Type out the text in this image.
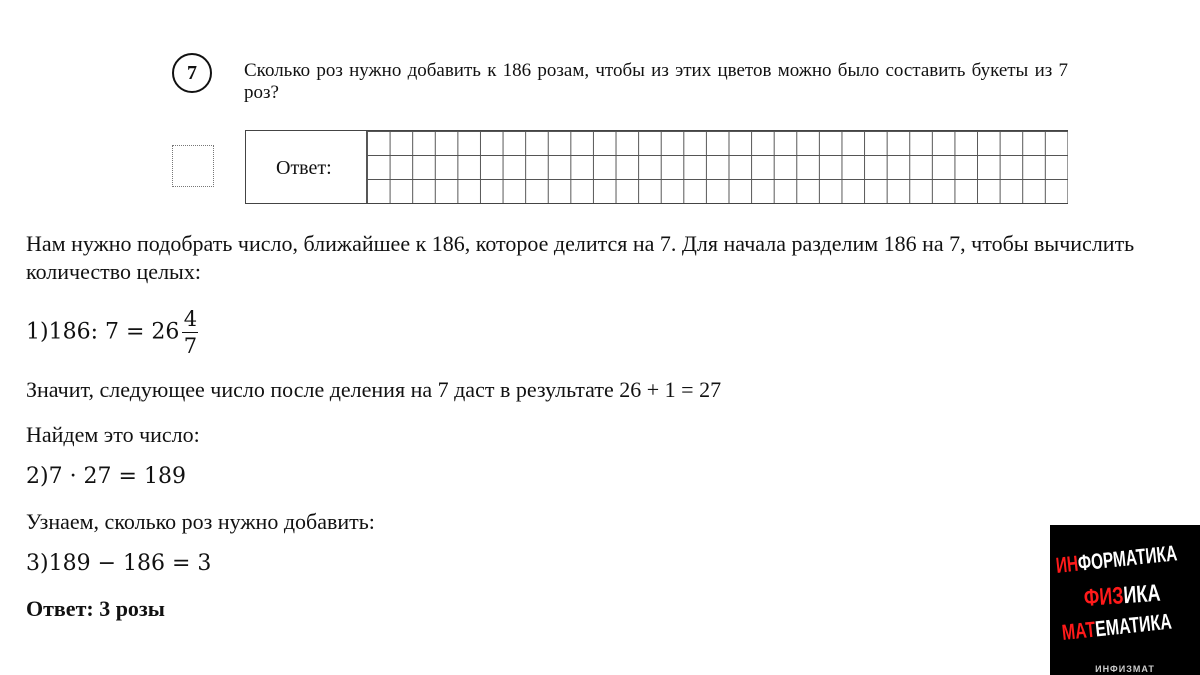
7 Сколько роз нужно добавить к 186 розам, чтобы из этих цветов можно было составить букеты из 7 роз?
Ответ:
Нам нужно подобрать число, ближайшее к 186, которое делится на 7. Для начала разделим 186 на 7, чтобы вычислить количество целых:
1)186: $7 = 26 \frac{4}{7}$
Значит, следующее число после деления на 7 даст в результате 26 + 1 = 27
Найдем это число:
2)7 · 27 = 189
Узнаем, сколько роз нужно добавить:
3)189 − 186 = 3
Ответ: 3 розы
ИНФОРМАТИКА
ФИЗИКА
МАТЕМАТИКА
ИНФИЗМАТ
